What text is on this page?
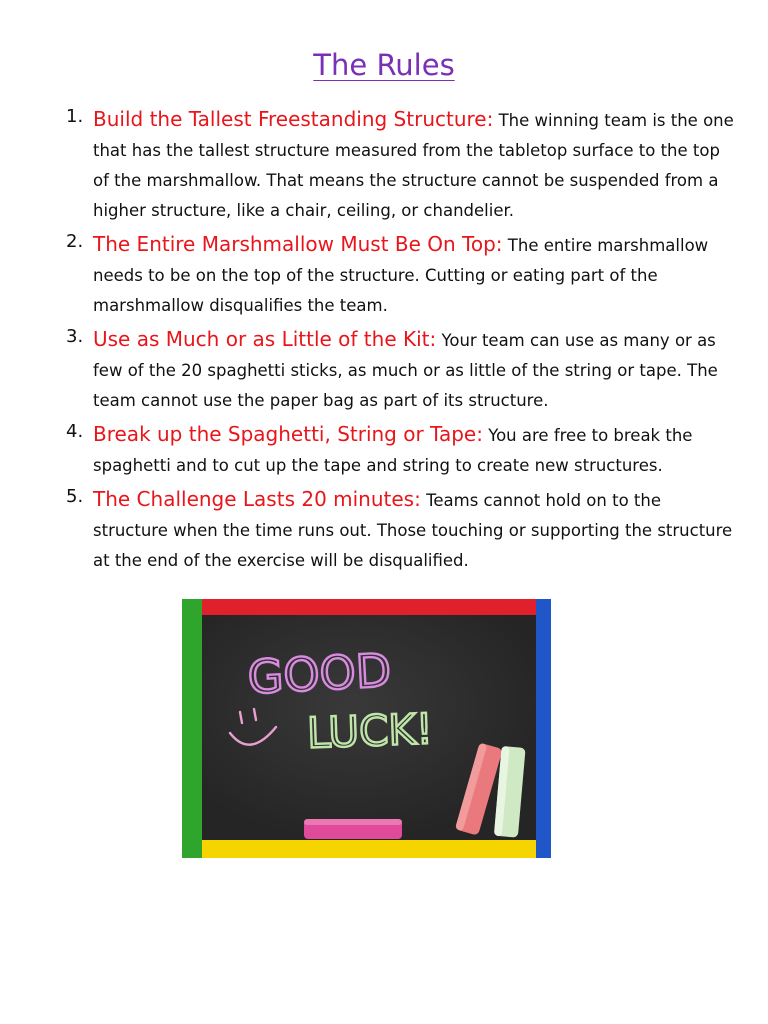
The Rules
1. Build the Tallest Freestanding Structure: The winning team is the one that has the tallest structure measured from the tabletop surface to the top of the marshmallow. That means the structure cannot be suspended from a higher structure, like a chair, ceiling, or chandelier.
2. The Entire Marshmallow Must Be On Top: The entire marshmallow needs to be on the top of the structure. Cutting or eating part of the marshmallow disqualifies the team.
3. Use as Much or as Little of the Kit: Your team can use as many or as few of the 20 spaghetti sticks, as much or as little of the string or tape. The team cannot use the paper bag as part of its structure.
4. Break up the Spaghetti, String or Tape: You are free to break the spaghetti and to cut up the tape and string to create new structures.
5. The Challenge Lasts 20 minutes: Teams cannot hold on to the structure when the time runs out. Those touching or supporting the structure at the end of the exercise will be disqualified.
GOOD
LUCK!
